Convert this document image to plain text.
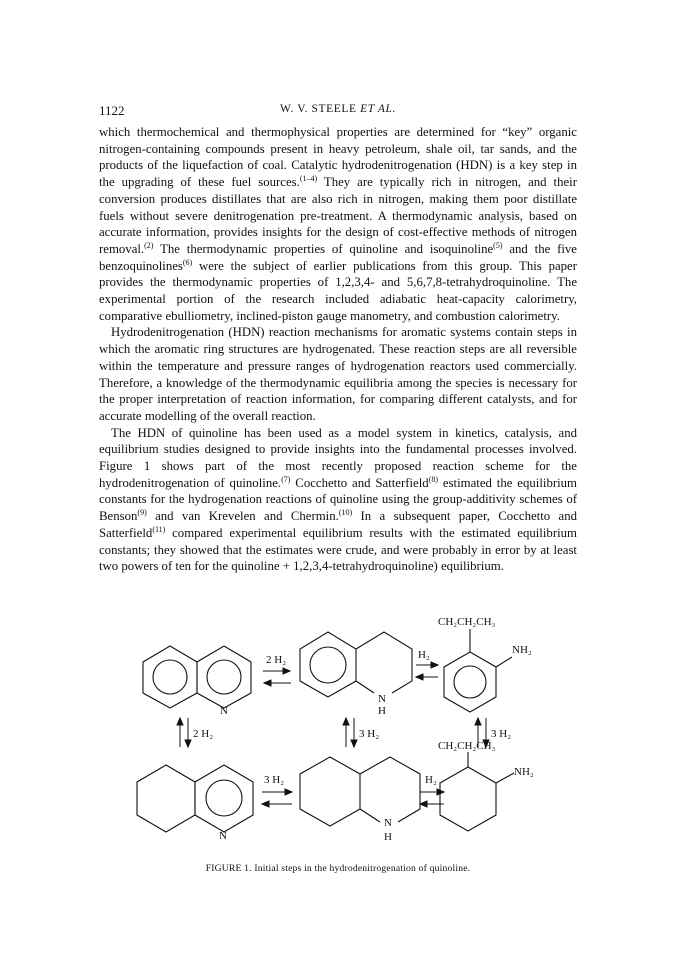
1122	W. V. STEELE ET AL.

which thermochemical and thermophysical properties are determined for “key” organic nitrogen-containing compounds present in heavy petroleum, shale oil, tar sands, and the products of the liquefaction of coal. Catalytic hydrodenitrogenation (HDN) is a key step in the upgrading of these fuel sources.$^{(1-4)}$ They are typically rich in nitrogen, and their conversion produces distillates that are also rich in nitrogen, making them poor distillate fuels without severe denitrogenation pre-treatment. A thermodynamic analysis, based on accurate information, provides insights for the design of cost-effective methods of nitrogen removal.$^{(2)}$ The thermodynamic properties of quinoline and isoquinoline$^{(5)}$ and the five benzoquinolines$^{(6)}$ were the subject of earlier publications from this group. This paper provides the thermodynamic properties of 1,2,3,4- and 5,6,7,8-tetrahydroquinoline. The experimental portion of the research included adiabatic heat-capacity calorimetry, comparative ebulliometry, inclined-piston gauge manometry, and combustion calorimetry.

Hydrodenitrogenation (HDN) reaction mechanisms for aromatic systems contain steps in which the aromatic ring structures are hydrogenated. These reaction steps are all reversible within the temperature and pressure ranges of hydrogenation reactors used commercially. Therefore, a knowledge of the thermodynamic equilibria among the species is necessary for the proper interpretation of reaction information, for comparing different catalysts, and for accurate modelling of the overall reaction.

The HDN of quinoline has been used as a model system in kinetics, catalysis, and equilibrium studies designed to provide insights into the fundamental processes involved. Figure 1 shows part of the most recently proposed reaction scheme for the hydrodenitrogenation of quinoline.$^{(7)}$ Cocchetto and Satterfield$^{(8)}$ estimated the equilibrium constants for the hydrogenation reactions of quinoline using the group-additivity schemes of Benson$^{(9)}$ and van Krevelen and Chermin.$^{(10)}$ In a subsequent paper, Cocchetto and Satterfield$^{(11)}$ compared experimental equilibrium results with the estimated equilibrium constants; they showed that the estimates were crude, and were probably in error by at least two powers of ten for the quinoline + 1,2,3,4-tetrahydroquinoline) equilibrium.

N
N
H
CH₂CH₂CH₃
NH₂
2 H₂	H₂
2 H₂	3 H₂	3 H₂
3 H₂	H₂
CH₂CH₂CH₃
NH₂
N
N
H
FIGURE 1. Initial steps in the hydrodenitrogenation of quinoline.
